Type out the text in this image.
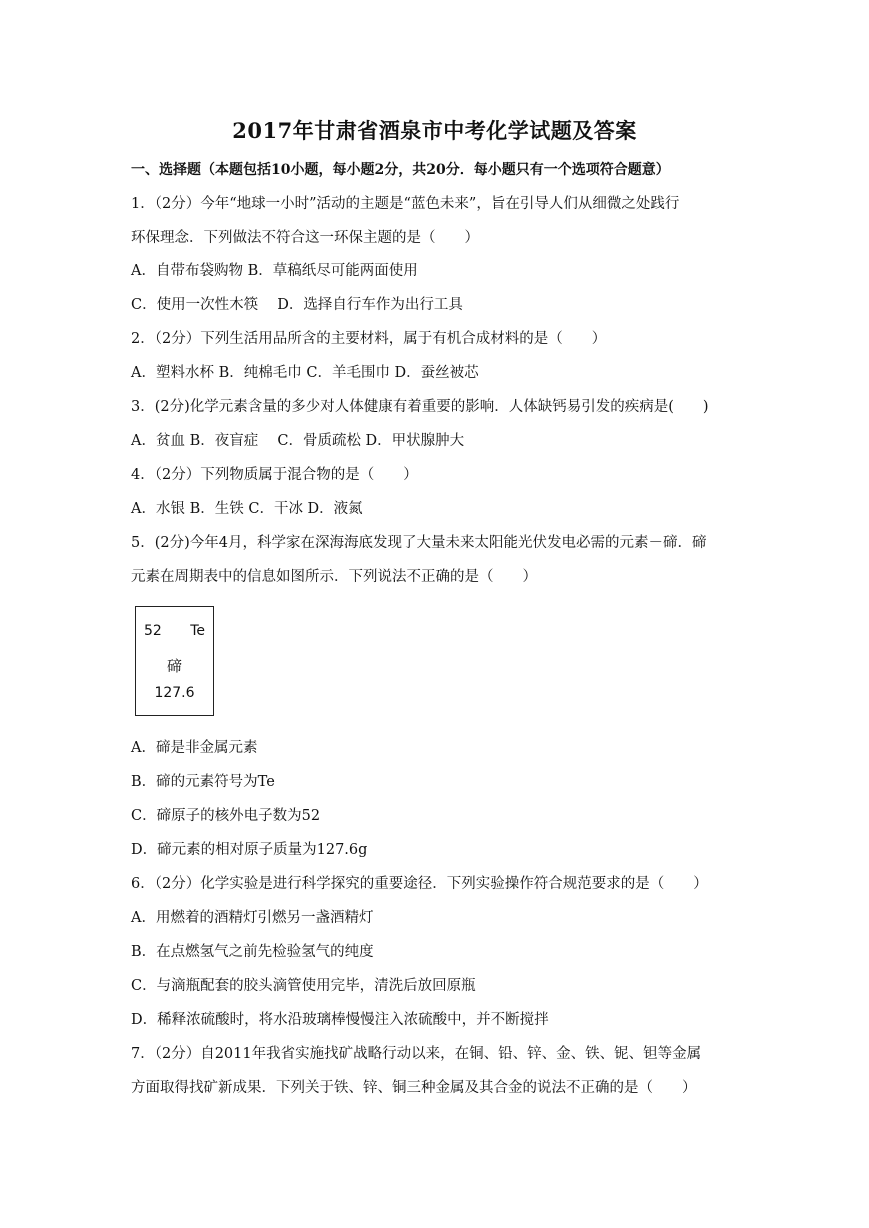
2017年甘肃省酒泉市中考化学试题及答案
一、选择题（本题包括10小题，每小题2分，共20分．每小题只有一个选项符合题意）
1．（2分）今年“地球一小时”活动的主题是“蓝色未来”，旨在引导人们从细微之处践行
环保理念．下列做法不符合这一环保主题的是（　　）
A．自带布袋购物 B．草稿纸尽可能两面使用
C．使用一次性木筷　 D．选择自行车作为出行工具
2．（2分）下列生活用品所含的主要材料，属于有机合成材料的是（　　）
A．塑料水杯 B．纯棉毛巾 C．羊毛围巾 D．蚕丝被芯
3．(2分)化学元素含量的多少对人体健康有着重要的影响．人体缺钙易引发的疾病是(　　)
A．贫血 B．夜盲症　 C．骨质疏松 D．甲状腺肿大
4．（2分）下列物质属于混合物的是（　　）
A．水银 B．生铁 C．干冰 D．液氮
5．(2分)今年4月，科学家在深海海底发现了大量未来太阳能光伏发电必需的元素－碲．碲
元素在周期表中的信息如图所示．下列说法不正确的是（　　）
52 Te
碲
127.6
A．碲是非金属元素
B．碲的元素符号为Te
C．碲原子的核外电子数为52
D．碲元素的相对原子质量为127.6g
6．（2分）化学实验是进行科学探究的重要途径．下列实验操作符合规范要求的是（　　）
A．用燃着的酒精灯引燃另一盏酒精灯
B．在点燃氢气之前先检验氢气的纯度
C．与滴瓶配套的胶头滴管使用完毕，清洗后放回原瓶
D．稀释浓硫酸时，将水沿玻璃棒慢慢注入浓硫酸中，并不断搅拌
7．（2分）自2011年我省实施找矿战略行动以来，在铜、铅、锌、金、铁、铌、钽等金属
方面取得找矿新成果．下列关于铁、锌、铜三种金属及其合金的说法不正确的是（　　）
